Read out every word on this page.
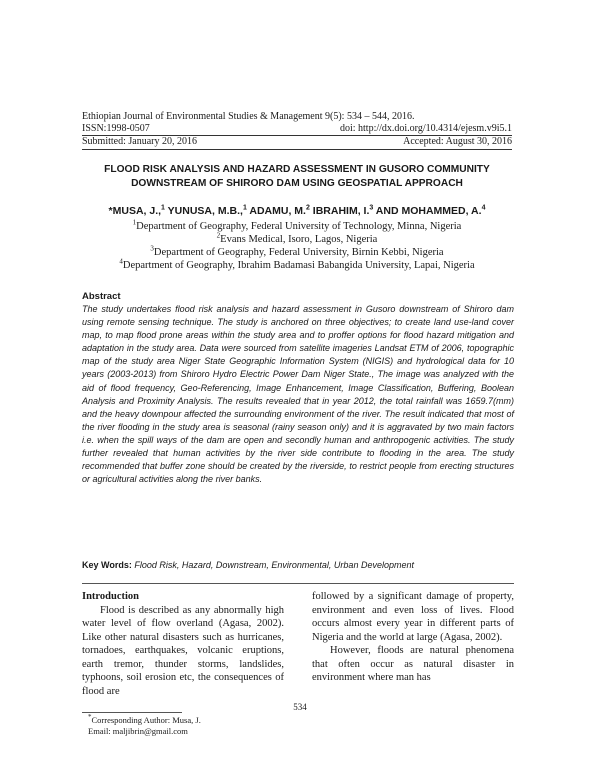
Ethiopian Journal of Environmental Studies & Management 9(5): 534 – 544, 2016.
ISSN:1998-0507	doi: http://dx.doi.org/10.4314/ejesm.v9i5.1
Submitted: January 20, 2016	Accepted: August 30, 2016
FLOOD RISK ANALYSIS AND HAZARD ASSESSMENT IN GUSORO COMMUNITY
DOWNSTREAM OF SHIRORO DAM USING GEOSPATIAL APPROACH
*MUSA, J.,$^1$ YUNUSA, M.B.,$^1$ ADAMU, M.$^2$ IBRAHIM, I.$^3$ AND MOHAMMED, A.$^4$
$^1$Department of Geography, Federal University of Technology, Minna, Nigeria
$^2$Evans Medical, Isoro, Lagos, Nigeria
$^3$Department of Geography, Federal University, Birnin Kebbi, Nigeria
$^4$Department of Geography, Ibrahim Badamasi Babangida University, Lapai, Nigeria
Abstract
The study undertakes flood risk analysis and hazard assessment in Gusoro downstream of Shiroro dam using remote sensing technique. The study is anchored on three objectives; to create land use-land cover map, to map flood prone areas within the study area and to proffer options for flood hazard mitigation and adaptation in the study area. Data were sourced from satellite imageries Landsat ETM of 2006, topographic map of the study area Niger State Geographic Information System (NIGIS) and hydrological data for 10 years (2003-2013) from Shiroro Hydro Electric Power Dam Niger State., The image was analyzed with the aid of flood frequency, Geo-Referencing, Image Enhancement, Image Classification, Buffering, Boolean Analysis and Proximity Analysis. The results revealed that in year 2012, the total rainfall was 1659.7(mm) and the heavy downpour affected the surrounding environment of the river. The result indicated that most of the river flooding in the study area is seasonal (rainy season only) and it is aggravated by two main factors i.e. when the spill ways of the dam are open and secondly human and anthropogenic activities. The study further revealed that human activities by the river side contribute to flooding in the area. The study recommended that buffer zone should be created by the riverside, to restrict people from erecting structures or agricultural activities along the river banks.
Key Words: Flood Risk, Hazard, Downstream, Environmental, Urban Development

Introduction

Flood is described as any abnormally high water level of flow overland (Agasa, 2002). Like other natural disasters such as hurricanes, tornadoes, earthquakes, volcanic eruptions, earth tremor, thunder storms, landslides, typhoons, soil erosion etc, the consequences of flood are

followed by a significant damage of property, environment and even loss of lives. Flood occurs almost every year in different parts of Nigeria and the world at large (Agasa, 2002).

However, floods are natural phenomena that often occur as natural disaster in environment where man has

534
*Corresponding Author: Musa, J.
Email: maljibrin@gmail.com
